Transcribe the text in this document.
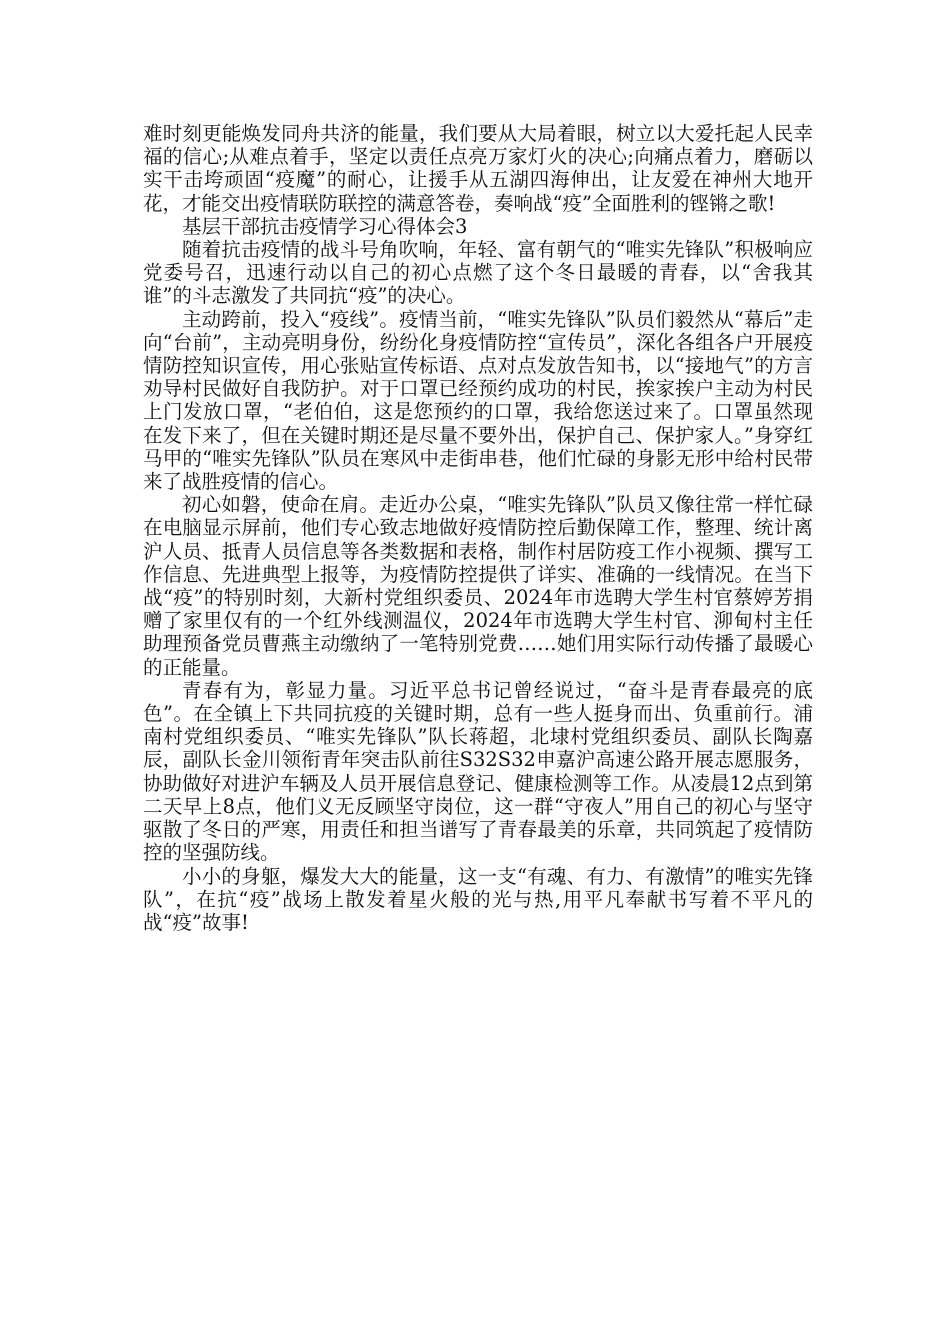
难时刻更能焕发同舟共济的能量，我们要从大局着眼，树立以大爱托起人民幸福的信心;从难点着手，坚定以责任点亮万家灯火的决心;向痛点着力，磨砺以实干击垮顽固“疫魔”的耐心，让援手从五湖四海伸出，让友爱在神州大地开花，才能交出疫情联防联控的满意答卷，奏响战“疫”全面胜利的铿锵之歌!

基层干部抗击疫情学习心得体会3

随着抗击疫情的战斗号角吹响，年轻、富有朝气的“唯实先锋队”积极响应党委号召，迅速行动以自己的初心点燃了这个冬日最暖的青春，以“舍我其谁”的斗志激发了共同抗“疫”的决心。

主动跨前，投入“疫线”。疫情当前，“唯实先锋队”队员们毅然从“幕后”走向“台前”，主动亮明身份，纷纷化身疫情防控“宣传员”，深化各组各户开展疫情防控知识宣传，用心张贴宣传标语、点对点发放告知书，以“接地气”的方言劝导村民做好自我防护。对于口罩已经预约成功的村民，挨家挨户主动为村民上门发放口罩，“老伯伯，这是您预约的口罩，我给您送过来了。口罩虽然现在发下来了，但在关键时期还是尽量不要外出，保护自己、保护家人。”身穿红马甲的“唯实先锋队”队员在寒风中走街串巷，他们忙碌的身影无形中给村民带来了战胜疫情的信心。

初心如磐，使命在肩。走近办公桌，“唯实先锋队”队员又像往常一样忙碌在电脑显示屏前，他们专心致志地做好疫情防控后勤保障工作，整理、统计离沪人员、抵青人员信息等各类数据和表格，制作村居防疫工作小视频、撰写工作信息、先进典型上报等，为疫情防控提供了详实、准确的一线情况。在当下战“疫”的特别时刻，大新村党组织委员、2024年市选聘大学生村官蔡婷芳捐赠了家里仅有的一个红外线测温仪，2024年市选聘大学生村官、泖甸村主任助理预备党员曹燕主动缴纳了一笔特别党费……她们用实际行动传播了最暖心的正能量。

青春有为，彰显力量。习近平总书记曾经说过，“奋斗是青春最亮的底色”。在全镇上下共同抗疫的关键时期，总有一些人挺身而出、负重前行。浦南村党组织委员、“唯实先锋队”队长蒋超，北埭村党组织委员、副队长陶嘉辰，副队长金川领衔青年突击队前往S32S32申嘉沪高速公路开展志愿服务，协助做好对进沪车辆及人员开展信息登记、健康检测等工作。从凌晨12点到第二天早上8点，他们义无反顾坚守岗位，这一群“守夜人”用自己的初心与坚守驱散了冬日的严寒，用责任和担当谱写了青春最美的乐章，共同筑起了疫情防控的坚强防线。

小小的身躯，爆发大大的能量，这一支“有魂、有力、有激情”的唯实先锋队”，在抗“疫”战场上散发着星火般的光与热,用平凡奉献书写着不平凡的战“疫”故事!
